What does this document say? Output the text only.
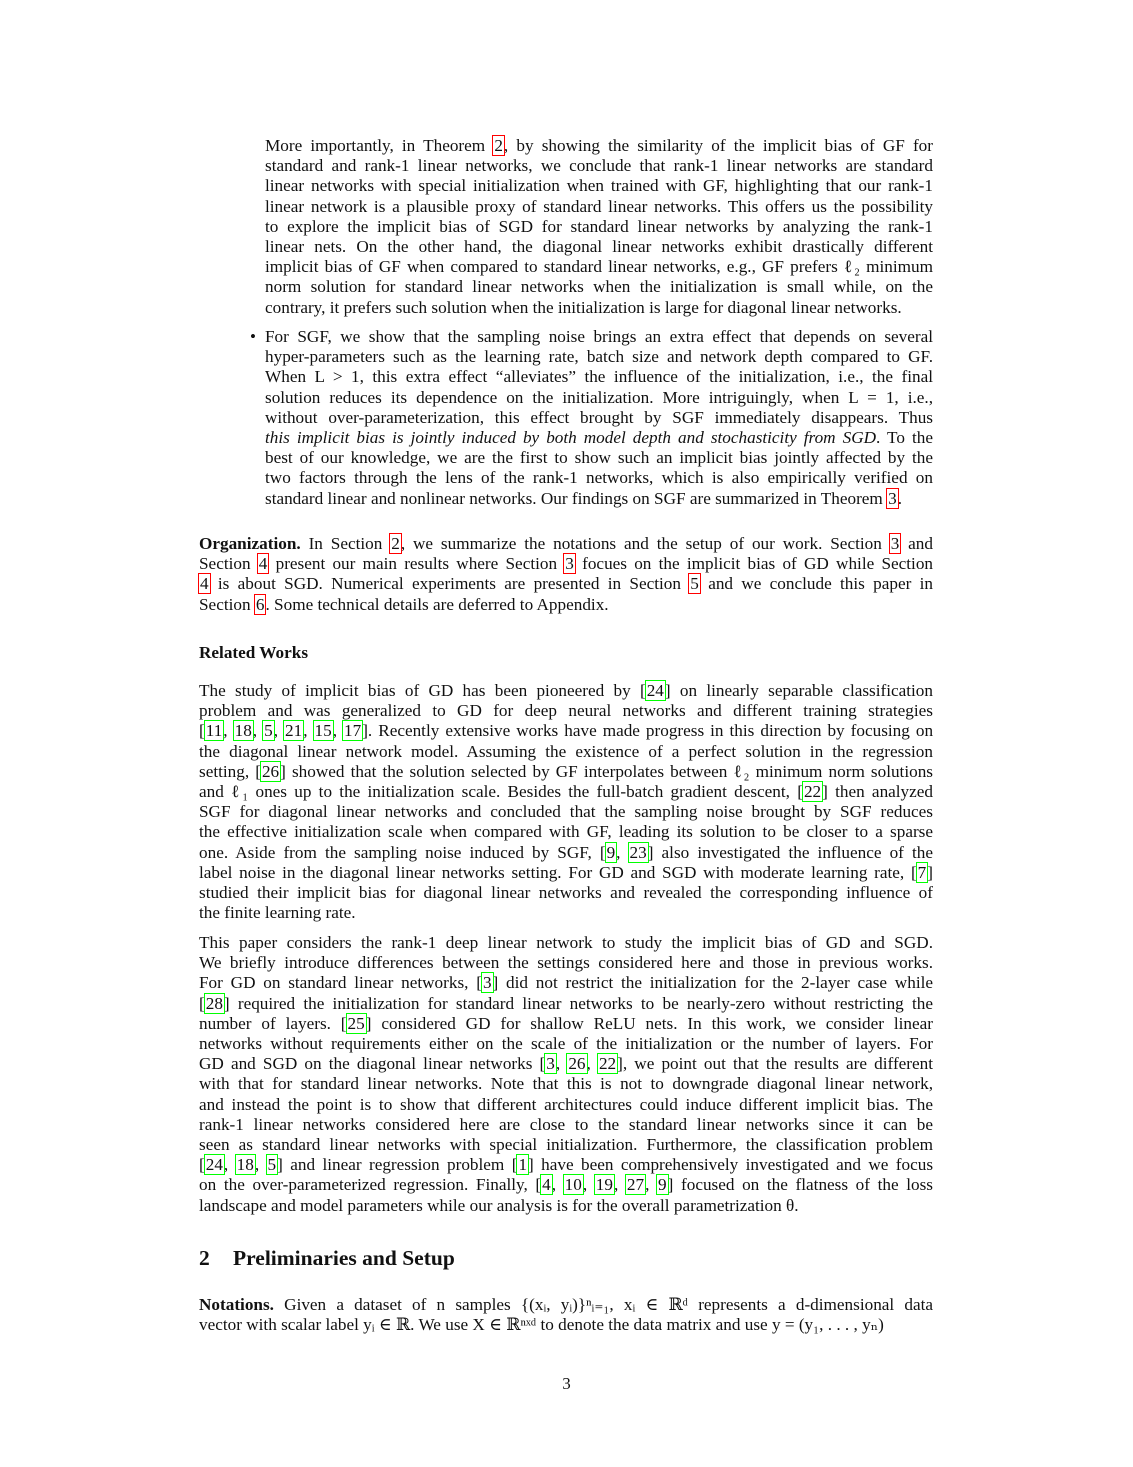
More importantly, in Theorem 2, by showing the similarity of the implicit bias of GF for
standard and rank-1 linear networks, we conclude that rank-1 linear networks are standard
linear networks with special initialization when trained with GF, highlighting that our rank-1
linear network is a plausible proxy of standard linear networks. This offers us the possibility
to explore the implicit bias of SGD for standard linear networks by analyzing the rank-1
linear nets. On the other hand, the diagonal linear networks exhibit drastically different
implicit bias of GF when compared to standard linear networks, e.g., GF prefers ℓ₂ minimum
norm solution for standard linear networks when the initialization is small while, on the
contrary, it prefers such solution when the initialization is large for diagonal linear networks.
• For SGF, we show that the sampling noise brings an extra effect that depends on several
hyper-parameters such as the learning rate, batch size and network depth compared to GF.
When L > 1, this extra effect “alleviates” the influence of the initialization, i.e., the final
solution reduces its dependence on the initialization. More intriguingly, when L = 1, i.e.,
without over-parameterization, this effect brought by SGF immediately disappears. Thus
this implicit bias is jointly induced by both model depth and stochasticity from SGD. To the
best of our knowledge, we are the first to show such an implicit bias jointly affected by the
two factors through the lens of the rank-1 networks, which is also empirically verified on
standard linear and nonlinear networks. Our findings on SGF are summarized in Theorem 3.
Organization. In Section 2, we summarize the notations and the setup of our work. Section 3 and
Section 4 present our main results where Section 3 focues on the implicit bias of GD while Section
4 is about SGD. Numerical experiments are presented in Section 5 and we conclude this paper in
Section 6. Some technical details are deferred to Appendix.
Related Works
The study of implicit bias of GD has been pioneered by [24] on linearly separable classification
problem and was generalized to GD for deep neural networks and different training strategies
[11, 18, 5, 21, 15, 17]. Recently extensive works have made progress in this direction by focusing on
the diagonal linear network model. Assuming the existence of a perfect solution in the regression
setting, [26] showed that the solution selected by GF interpolates between ℓ₂ minimum norm solutions
and ℓ₁ ones up to the initialization scale. Besides the full-batch gradient descent, [22] then analyzed
SGF for diagonal linear networks and concluded that the sampling noise brought by SGF reduces
the effective initialization scale when compared with GF, leading its solution to be closer to a sparse
one. Aside from the sampling noise induced by SGF, [9, 23] also investigated the influence of the
label noise in the diagonal linear networks setting. For GD and SGD with moderate learning rate, [7]
studied their implicit bias for diagonal linear networks and revealed the corresponding influence of
the finite learning rate.
This paper considers the rank-1 deep linear network to study the implicit bias of GD and SGD.
We briefly introduce differences between the settings considered here and those in previous works.
For GD on standard linear networks, [3] did not restrict the initialization for the 2-layer case while
[28] required the initialization for standard linear networks to be nearly-zero without restricting the
number of layers. [25] considered GD for shallow ReLU nets. In this work, we consider linear
networks without requirements either on the scale of the initialization or the number of layers. For
GD and SGD on the diagonal linear networks [3, 26, 22], we point out that the results are different
with that for standard linear networks. Note that this is not to downgrade diagonal linear network,
and instead the point is to show that different architectures could induce different implicit bias. The
rank-1 linear networks considered here are close to the standard linear networks since it can be
seen as standard linear networks with special initialization. Furthermore, the classification problem
[24, 18, 5] and linear regression problem [1] have been comprehensively investigated and we focus
on the over-parameterized regression. Finally, [4, 10, 19, 27, 9] focused on the flatness of the loss
landscape and model parameters while our analysis is for the overall parametrization θ.
2 Preliminaries and Setup
Notations. Given a dataset of n samples {(xᵢ, yᵢ)}ⁿᵢ₌₁, xᵢ ∈ ℝᵈ represents a d-dimensional data
vector with scalar label yᵢ ∈ ℝ. We use X ∈ ℝⁿˣᵈ to denote the data matrix and use y = (y₁, . . . , yₙ)
3
